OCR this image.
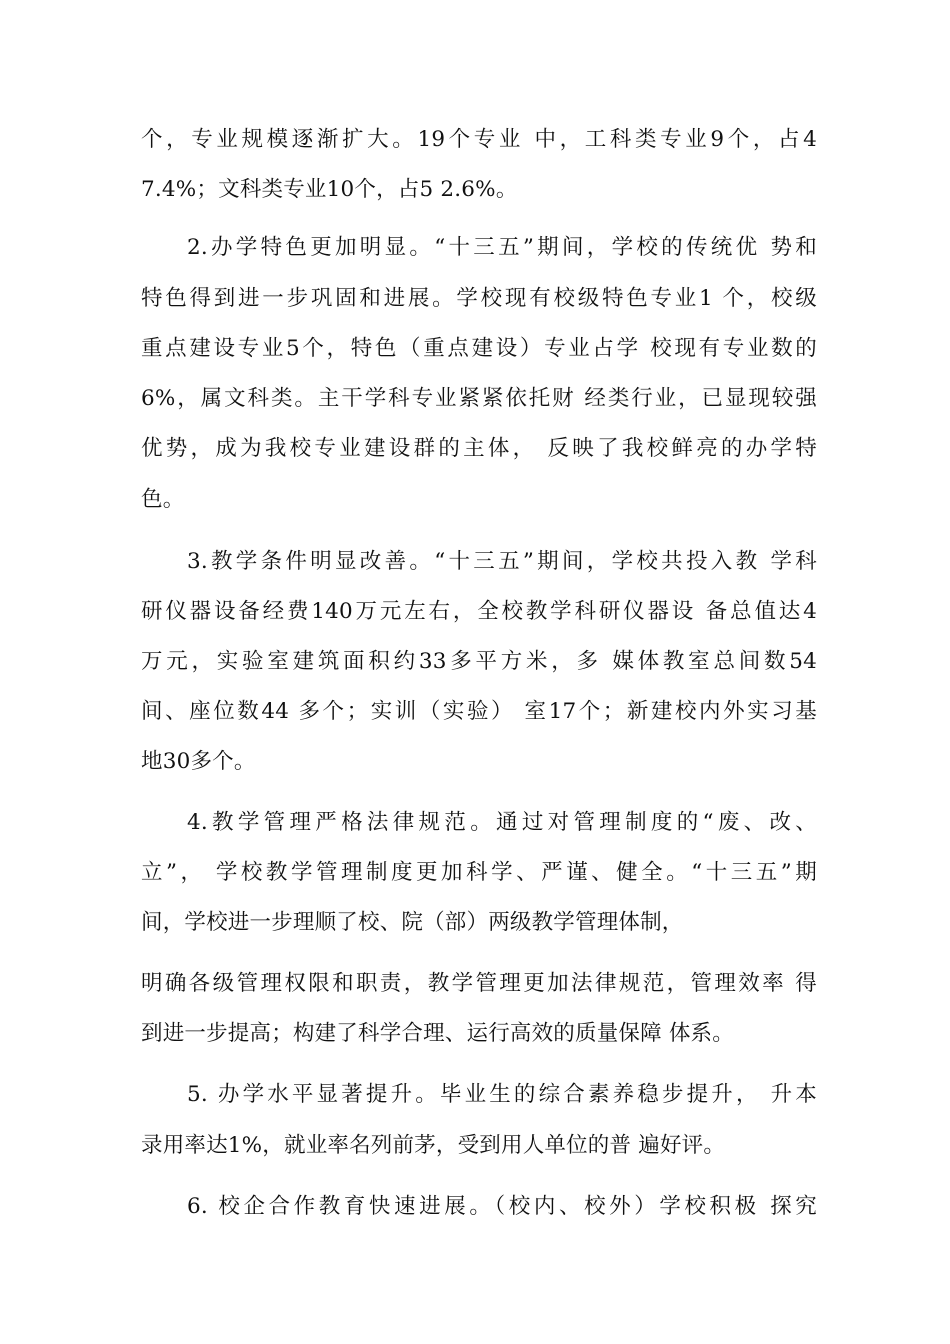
个，专业规模逐渐扩大。19个专业 中，工科类专业9个，占4
7.4%；文科类专业10个，占5 2.6%。
2.办学特色更加明显。“十三五”期间，学校的传统优 势和
特色得到进一步巩固和进展。学校现有校级特色专业1 个，校级
重点建设专业5个，特色（重点建设）专业占学 校现有专业数的
6%，属文科类。主干学科专业紧紧依托财 经类行业，已显现较强
优势，成为我校专业建设群的主体， 反映了我校鲜亮的办学特
色。
3.教学条件明显改善。“十三五”期间，学校共投入教 学科
研仪器设备经费140万元左右，全校教学科研仪器设 备总值达4
万元，实验室建筑面积约33多平方米，多 媒体教室总间数54
间、座位数44 多个；实训（实验） 室17个；新建校内外实习基
地30多个。
4.教学管理严格法律规范。通过对管理制度的“废、改、
立”， 学校教学管理制度更加科学、严谨、健全。“十三五”期
间，学校进一步理顺了校、院（部）两级教学管理体制，
明确各级管理权限和职责，教学管理更加法律规范，管理效率 得
到进一步提高；构建了科学合理、运行高效的质量保障 体系。
5. 办学水平显著提升。毕业生的综合素养稳步提升， 升本
录用率达1%，就业率名列前茅，受到用人单位的普 遍好评。
6. 校企合作教育快速进展。（校内、校外）学校积极 探究
